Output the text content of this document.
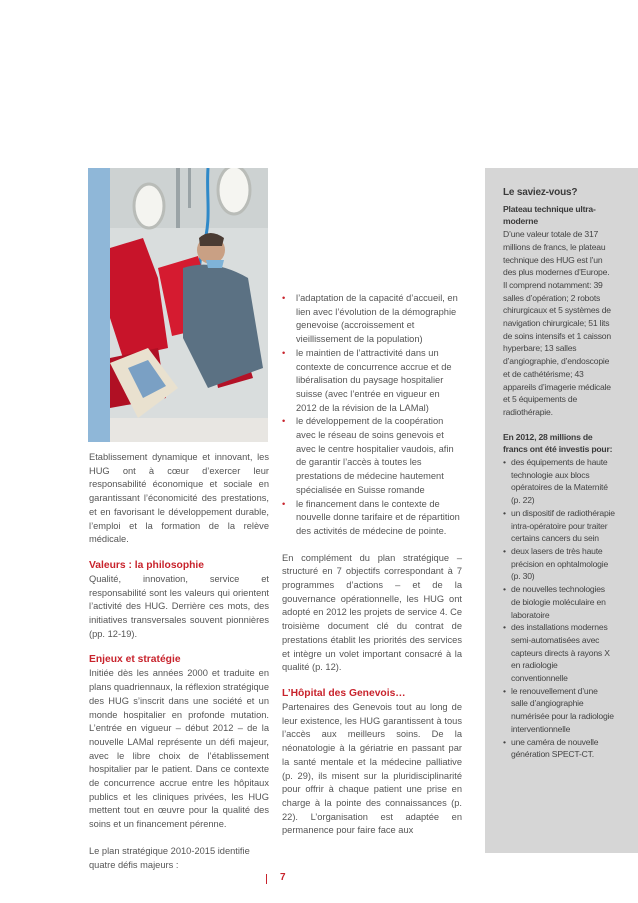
Etablissement dynamique et innovant, les HUG ont à cœur d’exercer leur responsabilité économique et sociale en garantissant l’économicité des prestations, et en favorisant le développement durable, l’emploi et la formation de la relève médicale.

Valeurs : la philosophie

Qualité, innovation, service et responsabilité sont les valeurs qui orientent l’activité des HUG. Derrière ces mots, des initiatives transversales souvent pionnières (pp. 12-19).

Enjeux et stratégie

Initiée dès les années 2000 et traduite en plans quadriennaux, la réflexion stratégique des HUG s’inscrit dans une société et un monde hospitalier en profonde mutation. L’entrée en vigueur – début 2012 – de la nouvelle LAMal représente un défi majeur, avec le libre choix de l’établissement hospitalier par le patient. Dans ce contexte de concurrence accrue entre les hôpitaux publics et les cliniques privées, les HUG mettent tout en œuvre pour la qualité des soins et un financement pérenne.

Le plan stratégique 2010-2015 identifie quatre défis majeurs :

• l’adaptation de la capacité d’accueil, en lien avec l’évolution de la démographie genevoise (accroissement et vieillissement de la population)
• le maintien de l’attractivité dans un contexte de concurrence accrue et de libéralisation du paysage hospitalier suisse (avec l’entrée en vigueur en 2012 de la révision de la LAMal)
• le développement de la coopération avec le réseau de soins genevois et avec le centre hospitalier vaudois, afin de garantir l’accès à toutes les prestations de médecine hautement spécialisée en Suisse romande
• le financement dans le contexte de nouvelle donne tarifaire et de répartition des activités de médecine de pointe.

En complément du plan stratégique – structuré en 7 objectifs correspondant à 7 programmes d’actions – et de la gouvernance opérationnelle, les HUG ont adopté en 2012 les projets de service 4. Ce troisième document clé du contrat de prestations établit les priorités des services et intègre un volet important consacré à la qualité (p. 12).

L’Hôpital des Genevois…

Partenaires des Genevois tout au long de leur existence, les HUG garantissent à tous l’accès aux meilleurs soins. De la néonatologie à la gériatrie en passant par la santé mentale et la médecine palliative (p. 29), ils misent sur la pluridisciplinarité pour offrir à chaque patient une prise en charge à la pointe des connaissances (p. 22). L’organisation est adaptée en permanence pour faire face aux

Le saviez-vous?

Plateau technique ultra-moderne

D’une valeur totale de 317 millions de francs, le plateau technique des HUG est l’un des plus modernes d’Europe. Il comprend notamment: 39 salles d’opération; 2 robots chirurgicaux et 5 systèmes de navigation chirurgicale; 51 lits de soins intensifs et 1 caisson hyperbare; 13 salles d’angiographie, d’endoscopie et de cathétérisme; 43 appareils d’imagerie médicale et 5 équipements de radiothérapie.

En 2012, 28 millions de francs ont été investis pour:

• des équipements de haute technologie aux blocs opératoires de la Maternité (p. 22)
• un dispositif de radiothérapie intra-opératoire pour traiter certains cancers du sein
• deux lasers de très haute précision en ophtalmologie (p. 30)
• de nouvelles technologies de biologie moléculaire en laboratoire
• des installations modernes semi-automatisées avec capteurs directs à rayons X en radiologie conventionnelle
• le renouvellement d’une salle d’angiographie numérisée pour la radiologie interventionnelle
• une caméra de nouvelle génération SPECT-CT.
7
